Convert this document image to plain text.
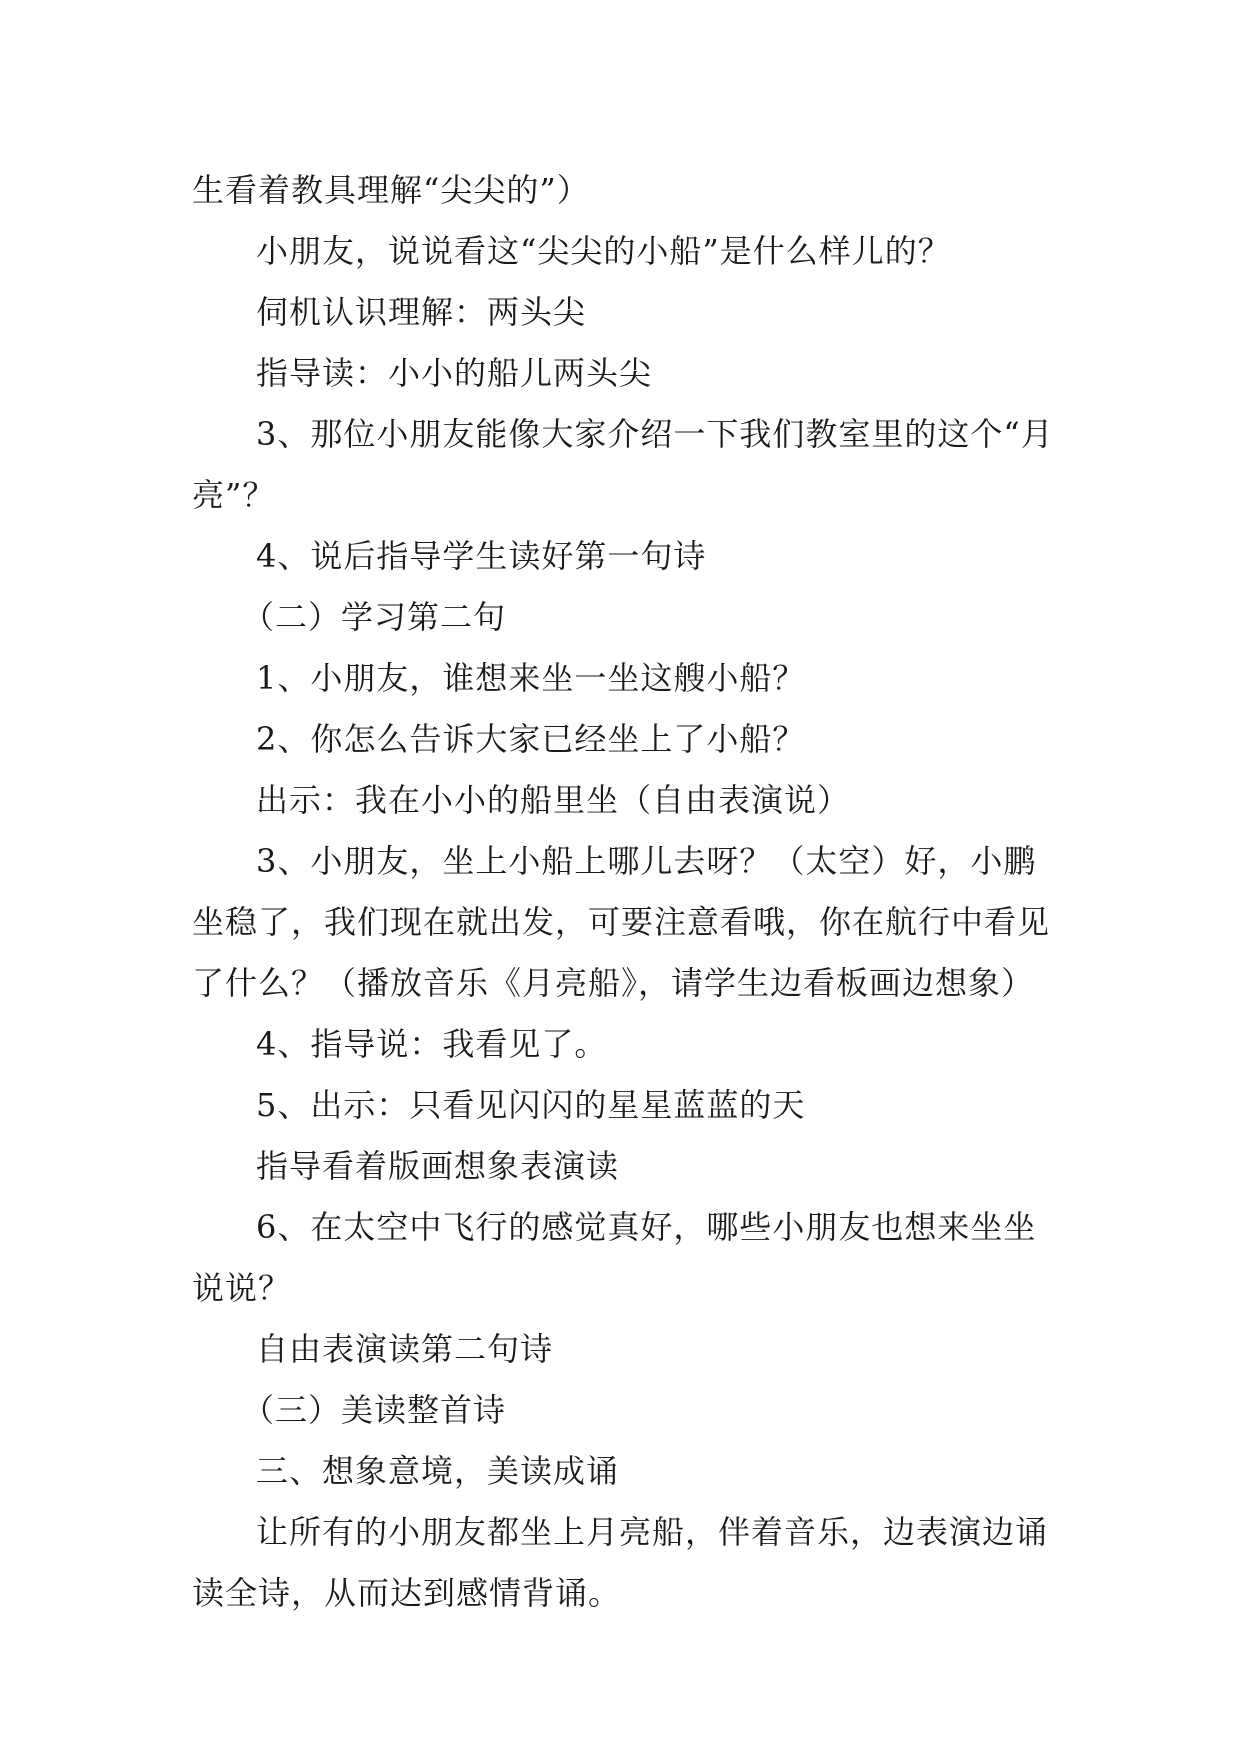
生看着教具理解“尖尖的”）

小朋友，说说看这“尖尖的小船”是什么样儿的？

伺机认识理解：两头尖

指导读：小小的船儿两头尖

3、那位小朋友能像大家介绍一下我们教室里的这个“月亮”？

4、说后指导学生读好第一句诗

（二）学习第二句

1、小朋友，谁想来坐一坐这艘小船？

2、你怎么告诉大家已经坐上了小船？

出示：我在小小的船里坐（自由表演说）

3、小朋友，坐上小船上哪儿去呀？（太空）好，小鹏坐稳了，我们现在就出发，可要注意看哦，你在航行中看见了什么？（播放音乐《月亮船》，请学生边看板画边想象）

4、指导说：我看见了。

5、出示：只看见闪闪的星星蓝蓝的天

指导看着版画想象表演读

6、在太空中飞行的感觉真好，哪些小朋友也想来坐坐说说？

自由表演读第二句诗

（三）美读整首诗

三、想象意境，美读成诵

让所有的小朋友都坐上月亮船，伴着音乐，边表演边诵读全诗，从而达到感情背诵。
